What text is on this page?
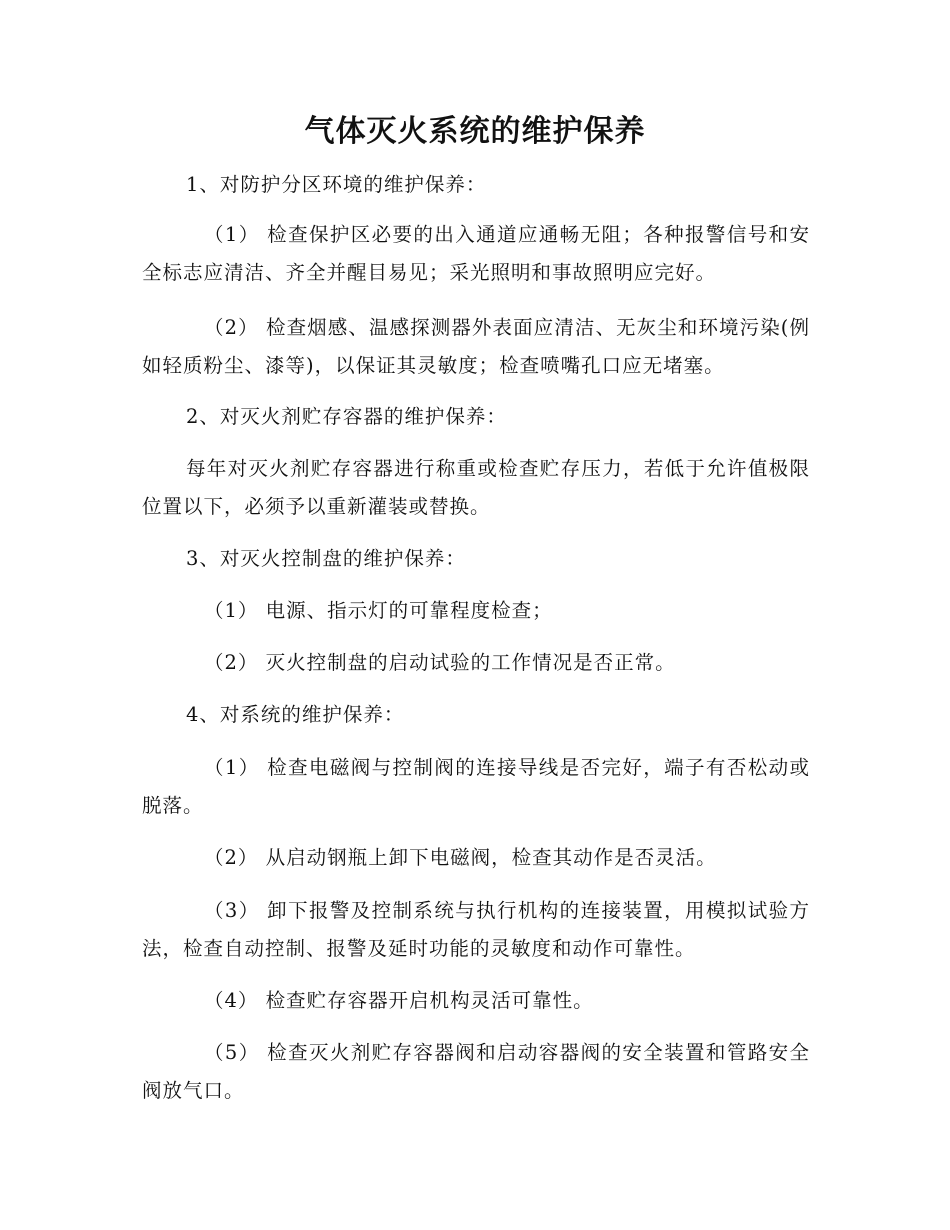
气体灭火系统的维护保养
1、对防护分区环境的维护保养：
（1） 检查保护区必要的出入通道应通畅无阻；各种报警信号和安全标志应清洁、齐全并醒目易见；采光照明和事故照明应完好。
（2） 检查烟感、温感探测器外表面应清洁、无灰尘和环境污染(例如轻质粉尘、漆等)，以保证其灵敏度；检查喷嘴孔口应无堵塞。
2、对灭火剂贮存容器的维护保养：
每年对灭火剂贮存容器进行称重或检查贮存压力，若低于允许值极限位置以下，必须予以重新灌装或替换。
3、对灭火控制盘的维护保养：
（1） 电源、指示灯的可靠程度检查；
（2） 灭火控制盘的启动试验的工作情况是否正常。
4、对系统的维护保养：
（1） 检查电磁阀与控制阀的连接导线是否完好，端子有否松动或脱落。
（2） 从启动钢瓶上卸下电磁阀，检查其动作是否灵活。
（3） 卸下报警及控制系统与执行机构的连接装置，用模拟试验方法，检查自动控制、报警及延时功能的灵敏度和动作可靠性。
（4） 检查贮存容器开启机构灵活可靠性。
（5） 检查灭火剂贮存容器阀和启动容器阀的安全装置和管路安全阀放气口。
